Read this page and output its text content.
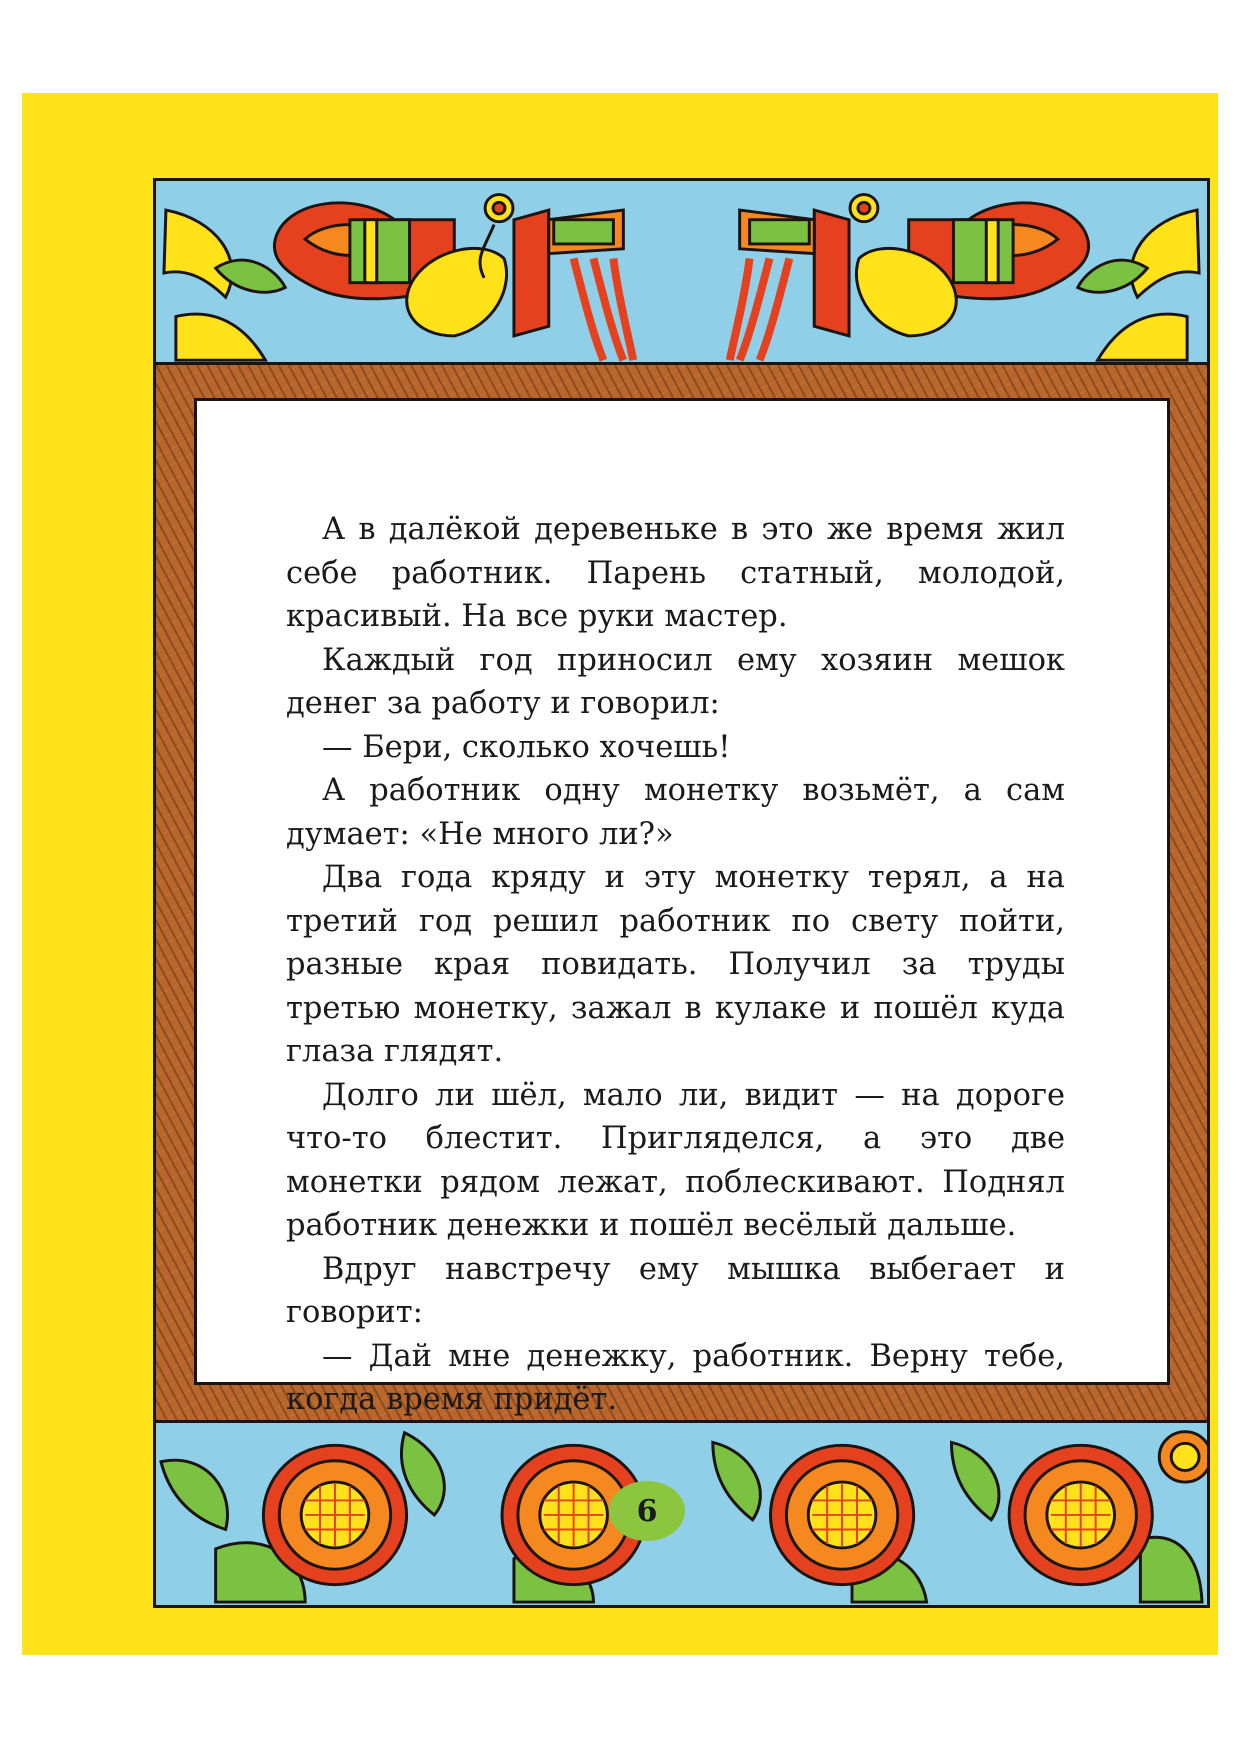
А в далёкой деревеньке в это же время жил себе работник. Парень статный, молодой, красивый. На все руки мастер.

Каждый год приносил ему хозяин мешок денег за работу и говорил:

— Бери, сколько хочешь!

А работник одну монетку возьмёт, а сам думает: «Не много ли?»

Два года кряду и эту монетку терял, а на третий год решил работник по свету пойти, разные края повидать. Получил за труды третью монетку, зажал в кулаке и пошёл куда глаза глядят.

Долго ли шёл, мало ли, видит — на дороге что-то блестит. Пригляделся, а это две монетки рядом лежат, поблескивают. Поднял работник денежки и пошёл весёлый дальше.

Вдруг навстречу ему мышка выбегает и говорит:

— Дай мне денежку, работник. Верну тебе, когда время придёт.

6
